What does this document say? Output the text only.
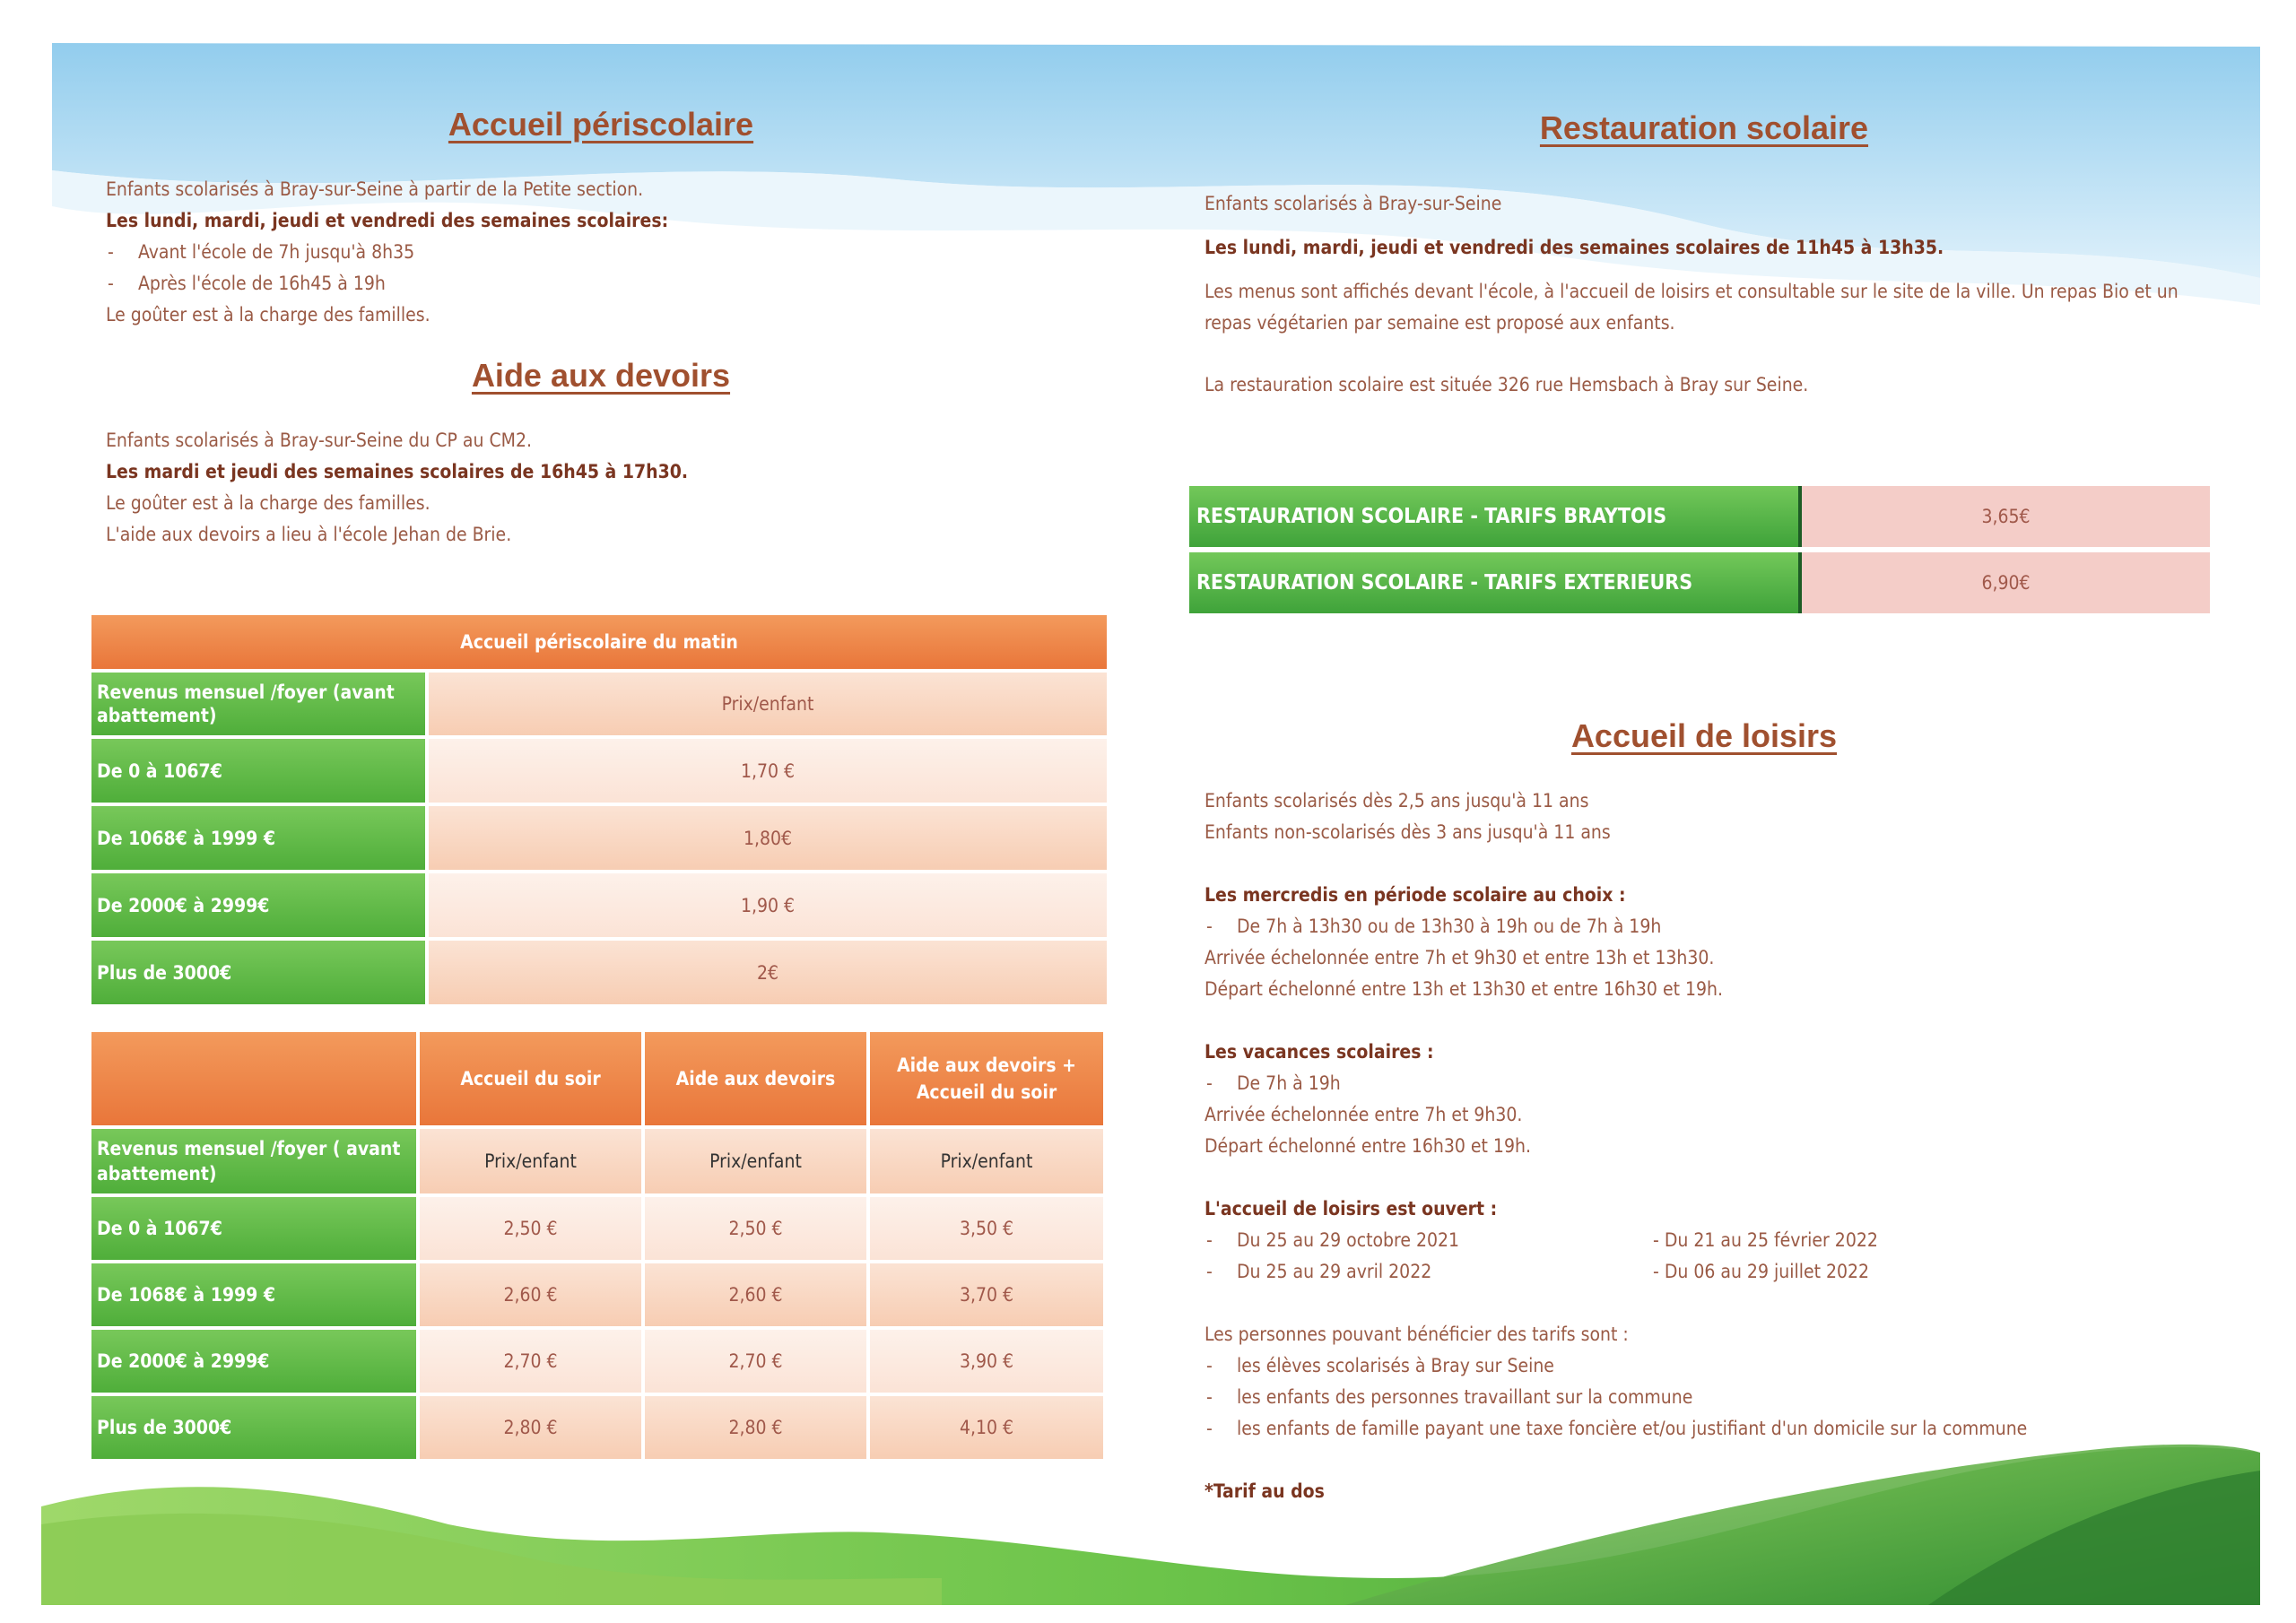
Accueil périscolaire
Enfants scolarisés à Bray-sur-Seine à partir de la Petite section.
Les lundi, mardi, jeudi et vendredi des semaines scolaires:
- Avant l'école de 7h jusqu'à 8h35
- Après l'école de 16h45 à 19h
Le goûter est à la charge des familles.
Aide aux devoirs
Enfants scolarisés à Bray-sur-Seine du CP au CM2.
Les mardi et jeudi des semaines scolaires de 16h45 à 17h30.
Le goûter est à la charge des familles.
L'aide aux devoirs a lieu à l'école Jehan de Brie.
Accueil périscolaire du matin	
Revenus mensuel /foyer (avant abattement)	Prix/enfant
De 0 à 1067€	1,70 €
De 1068€ à 1999 €	1,80€
De 2000€ à 2999€	1,90 €
Plus de 3000€	2€
	Accueil du soir	Aide aux devoirs	Aide aux devoirs + Accueil du soir
Revenus mensuel /foyer ( avant abattement)	Prix/enfant	Prix/enfant	Prix/enfant
De 0 à 1067€	2,50 €	2,50 €	3,50 €
De 1068€ à 1999 €	2,60 €	2,60 €	3,70 €
De 2000€ à 2999€	2,70 €	2,70 €	3,90 €
Plus de 3000€	2,80 €	2,80 €	4,10 €
Restauration scolaire
Enfants scolarisés à Bray-sur-Seine
Les lundi, mardi, jeudi et vendredi des semaines scolaires de 11h45 à 13h35.
Les menus sont affichés devant l'école, à l'accueil de loisirs et consultable sur le site de la ville. Un repas Bio et un
repas végétarien par semaine est proposé aux enfants.
La restauration scolaire est située 326 rue Hemsbach à Bray sur Seine.
RESTAURATION SCOLAIRE - TARIFS BRAYTOIS	3,65€
RESTAURATION SCOLAIRE - TARIFS EXTERIEURS	6,90€
Accueil de loisirs
Enfants scolarisés dès 2,5 ans jusqu'à 11 ans
Enfants non-scolarisés dès 3 ans jusqu'à 11 ans
Les mercredis en période scolaire au choix :
- De 7h à 13h30 ou de 13h30 à 19h ou de 7h à 19h
Arrivée échelonnée entre 7h et 9h30 et entre 13h et 13h30.
Départ échelonné entre 13h et 13h30 et entre 16h30 et 19h.
Les vacances scolaires :
- De 7h à 19h
Arrivée échelonnée entre 7h et 9h30.
Départ échelonné entre 16h30 et 19h.
L'accueil de loisirs est ouvert :
- Du 25 au 29 octobre 2021
- Du 25 au 29 avril 2022
- Du 21 au 25 février 2022
- Du 06 au 29 juillet 2022
Les personnes pouvant bénéficier des tarifs sont :
- les élèves scolarisés à Bray sur Seine
- les enfants des personnes travaillant sur la commune
- les enfants de famille payant une taxe foncière et/ou justifiant d'un domicile sur la commune
*Tarif au dos
